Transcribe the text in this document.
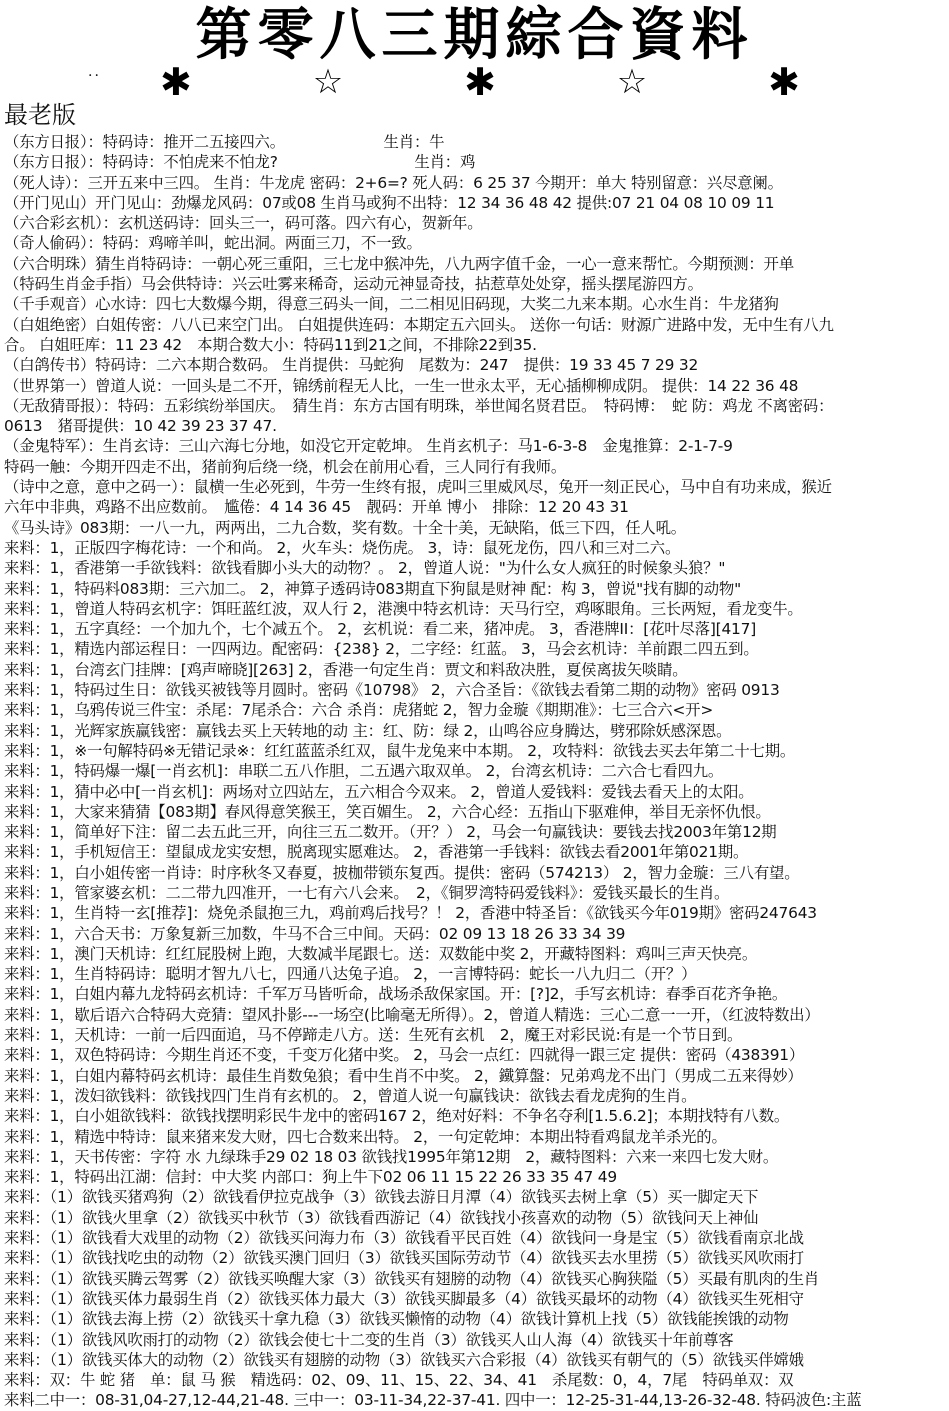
第零八三期綜合資料
.. ✱	☆	✱	☆	✱
最老版
（东方日报）：特码诗：推开二五接四六。　　　　　　　生肖：牛
（东方日报）：特码诗：不怕虎来不怕龙?　　　　　　　　　生肖：鸡
（死人诗）：三开五来中三四。 生肖：牛龙虎 密码：2+6=? 死人码：6 25 37 今期开：单大 特别留意：兴尽意阑。
（开门见山）开门见山：劲爆龙风码：07或08 生肖马或狗不出特：12 34 36 48 42 提供:07 21 04 08 10 09 11
（六合彩玄机）：玄机送码诗：回头三一，码可落。四六有心，贺新年。
（奇人偷码）：特码：鸡啼羊叫，蛇出洞。两面三刀，不一致。
（六合明珠）猜生肖特码诗：一朝心死三重阳，三七龙中猴冲先，八九两字值千金，一心一意来帮忙。今期预测：开单
（特码生肖金手指）马会供特诗：兴云吐雾来稀奇，运动元神显奇技，拈惹草处处穿，摇头摆尾游四方。
（千手观音）心水诗：四七大数爆今期，得意三码头一间，二二相见旧码现，大奖二九来本期。心水生肖：牛龙猪狗
（白姐绝密）白姐传密：八八已来空门出。 白姐提供连码：本期定五六回头。 送你一句话：财源广进路中发，无中生有八九
合。 白姐旺库：11 23 42　本期合数大小：特码11到21之间，不排除22到35.
（白鸽传书）特码诗：二六本期合数码。 生肖提供：马蛇狗　尾数为：247　提供：19 33 45 7 29 32
（世界第一）曾道人说：一回头是二不开，锦绣前程无人比，一生一世永太平，无心插柳柳成阴。 提供：14 22 36 48
（无敌猜哥报）：特码：五彩缤纷举国庆。　猜生肖：东方古国有明珠，举世闻名贤君臣。　特码博：　蛇 防：鸡龙 不离密码：
0613　猪哥提供：10 42 39 23 37 47.
（金鬼特军）：生肖玄诗：三山六海七分地，如没它开定乾坤。 生肖玄机子：马1-6-3-8　金鬼推算：2-1-7-9
特码一触：今期开四走不出，猪前狗后绕一绕，机会在前用心看，三人同行有我师。
（诗中之意，意中之码一）：鼠横一生必死到，牛劳一生终有报，虎叫三里威风尽，兔开一刻正民心，马中自有功来成，猴近
六年中非典，鸡路不出应数前。　尴倦：4 14 36 45　靓码：开单 博小　排除：12 20 43 31
《马头诗》083期：一八一九，两两出，二九合数，奖有数。十全十美，无缺陷，低三下四，任人吼。
来料：1，正版四字梅花诗：一个和尚。 2，火车头：烧伤虎。 3，诗：鼠死龙伤，四八和三对二六。
来料：1，香港第一手欲钱料：欲钱看脚小头大的动物？。 2，曾道人说："为什么女人疯狂的时候象头狼？"
来料：1，特码料083期：三六加二。 2，神算子透码诗083期直下狗鼠是财神 配：构 3，曾说"找有脚的动物"
来料：1，曾道人特码玄机字：饵旺蓝红波，双人行 2，港澳中特玄机诗：天马行空，鸡啄眼角。三长两短，看龙变牛。
来料：1，五字真经：一个加九个，七个减五个。 2，玄机说：看二来，猪冲虎。 3，香港牌II：[花叶尽落][417]
来料：1，精选内部运程日：一四两边。配密码：{238} 2，二字经：红蓝。 3，马会玄机诗：羊前跟二四五到。
来料：1，台湾玄门挂牌：[鸡声啼晓][263] 2，香港一句定生肖：贾文和料敌决胜，夏侯离拔矢啖睛。
来料：1，特码过生日：欲钱买被钱等月圆时。密码《10798》 2，六合圣旨：《欲钱去看第二期的动物》密码 0913
来料：1，乌鸦传说三件宝：杀尾：7尾杀合：六合 杀肖：虎猪蛇 2，智力金璇《期期准》：七三合六<开>
来料：1，光辉家族赢钱密：赢钱去买上天转地的动 主：红、防：绿 2，山鸣谷应身腾达，劈邪除妖感深恩。
来料：1，※一句解特码※无错记录※：红红蓝蓝杀红双，鼠牛龙兔来中本期。 2，攻特料：欲钱去买去年第二十七期。
来料：1，特码爆一爆[一肖玄机]：串联二五八作胆，二五遇六取双单。 2，台湾玄机诗：二六合七看四九。
来料：1，猜中必中[一肖玄机]：两场对立四站左，五六相合今双来。 2，曾道人爱钱料：爱钱去看天上的太阳。
来料：1，大家来猜猜【083期】春风得意笑猴王，笑百媚生。 2，六合心经：五指山下驱难伸，举目无亲怀仇恨。
来料：1，简单好下注：留二去五此三开，向往三五二数开。（开？） 2，马会一句赢钱诀：要钱去找2003年第12期
来料：1，手机短信王：望鼠成龙实安想，脱离现实愿难达。 2，香港第一手钱料：欲钱去看2001年第021期。
来料：1，白小姐传密一肖诗：时序秋冬又春夏，披枷带锁东复西。提供：密码（574213） 2，智力金璇：三八有望。
来料：1，管家婆玄机：二二带九四准开，一七有六八会来。　2，《铜罗湾特码爱钱料》：爱钱买最长的生肖。
来料：1，生肖特一玄[推荐]：烧免杀鼠抱三九，鸡前鸡后找号？！ 2，香港中特圣旨：《欲钱买今年019期》密码247643
来料：1，六合天书：万象复新三加数，牛马不合三中间。天码：02 09 13 18 26 33 34 39
来料：1，澳门天机诗：红红屁股树上跑，大数减半尾跟七。送：双数能中奖 2，开藏特图料：鸡叫三声天快亮。
来料：1，生肖特码诗：聪明才智九八七，四通八达兔子追。 2，一言博特码：蛇长一八九归二（开？）
来料：1，白姐内幕九龙特码玄机诗：千军万马皆听命，战场杀敌保家国。开：[?]2，手写玄机诗：春季百花齐争艳。
来料：1，歇后语六合特码大竞猜：望风扑影---一场空(比喻毫无所得）。2，曾道人精选：三心二意一一开，（红波特数出）
来料：1，天机诗：一前一后四面追，马不停蹄走八方。送：生死有玄机　2，魔王对彩民说:有是一个节日到。
来料：1，双色特码诗：今期生肖还不变，千变万化猪中奖。 2，马会一点红：四就得一跟三定 提供：密码（438391）
来料：1，白姐内幕特码玄机诗：最佳生肖数兔狼；看中生肖不中奖。 2，鐵算盤：兄弟鸡龙不出门（男成二五来得妙）
来料：1，泼妇欲钱料：欲钱找四门生肖有玄机的。 2，曾道人说一句赢钱诀：欲钱去看龙虎狗的生肖。
来料：1，白小姐欲钱料：欲钱找摆明彩民牛龙中的密码167 2，绝对好料：不争名夺利[1.5.6.2]；本期找特有八数。
来料：1，精选中特诗：鼠来猪来发大财，四七合数来出特。 2，一句定乾坤：本期出特看鸡鼠龙羊杀光的。
来料：1，天书传密：字符 水 九绿珠手29 02 18 03 欲钱找1995年第12期　2，藏特图料：六来一来四七发大财。
来料：1，特码出江湖：信封：中大奖 内部口：狗上牛下02 06 11 15 22 26 33 35 47 49
来料：（1）欲钱买猪鸡狗（2）欲钱看伊拉克战争（3）欲钱去游日月潭（4）欲钱买去树上拿（5）买一脚定天下
来料：（1）欲钱火里拿（2）欲钱买中秋节（3）欲钱看西游记（4）欲钱找小孩喜欢的动物（5）欲钱问天上神仙
来料：（1）欲钱看大戏里的动物（2）欲钱买问海力布（3）欲钱看平民百姓（4）欲钱问一身是宝（5）欲钱看南京北战
来料：（1）欲钱找吃虫的动物（2）欲钱买澳门回归（3）欲钱买国际劳动节（4）欲钱买去水里捞（5）欲钱买风吹雨打
来料：（1）欲钱买腾云驾雾（2）欲钱买唤醒大家（3）欲钱买有翅膀的动物（4）欲钱买心胸狭隘（5）买最有肌肉的生肖
来料：（1）欲钱买体力最弱生肖（2）欲钱买体力最大（3）欲钱买脚最多（4）欲钱买最坏的动物（4）欲钱买生死相守
来料：（1）欲钱去海上捞（2）欲钱买十拿九稳（3）欲钱买懒惰的动物（4）欲钱计算机上找（5）欲钱能挨饿的动物
来料：（1）欲钱风吹雨打的动物（2）欲钱会使七十二变的生肖（3）欲钱买人山人海（4）欲钱买十年前尊客
来料：（1）欲钱买体大的动物（2）欲钱买有翅膀的动物（3）欲钱买六合彩报（4）欲钱买有朝气的（5）欲钱买伴嫦娥
来料：双：牛 蛇 猪　单：鼠 马 猴　精选码：02、09、11、15、22、34、41　杀尾数：0，4，7尾　特码单双：双
来料二中一：08-31,04-27,12-44,21-48. 三中一：03-11-34,22-37-41. 四中一：12-25-31-44,13-26-32-48. 特码波色:主蓝
